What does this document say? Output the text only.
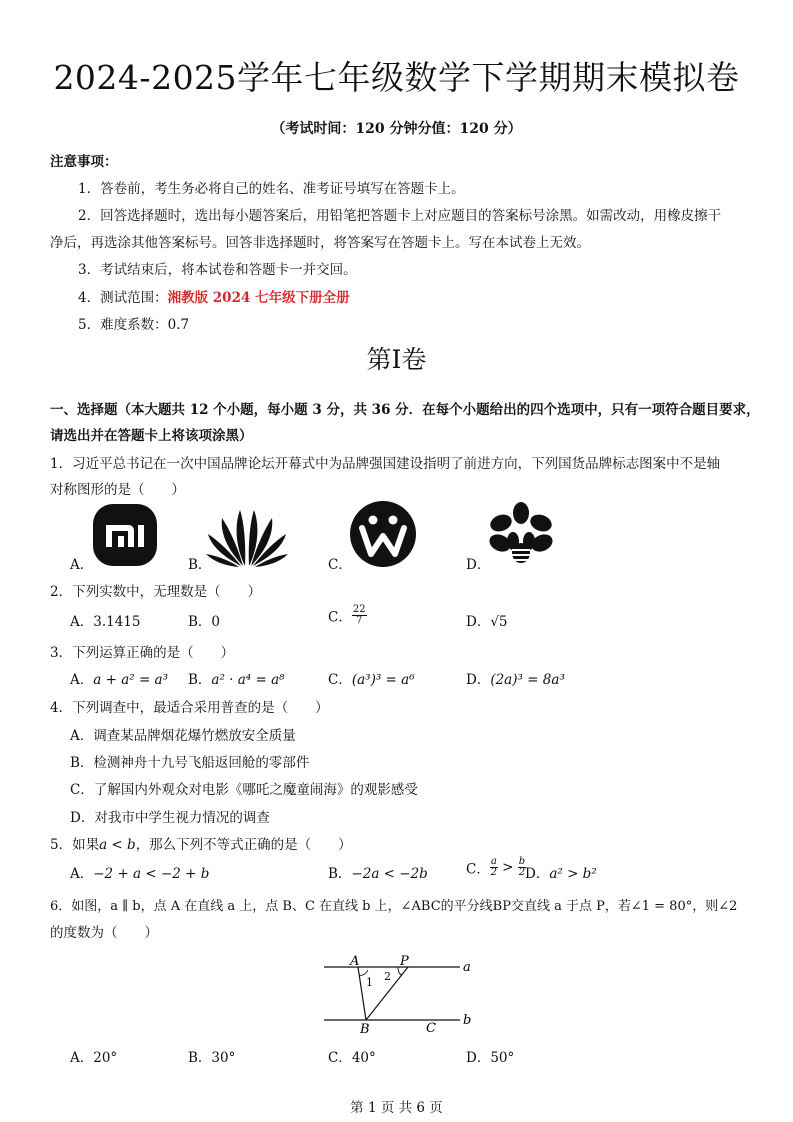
2024-2025学年七年级数学下学期期末模拟卷
（考试时间：120 分钟分值：120 分）
注意事项：
1．答卷前，考生务必将自己的姓名、准考证号填写在答题卡上。
2．回答选择题时，选出每小题答案后，用铅笔把答题卡上对应题目的答案标号涂黑。如需改动，用橡皮擦干
净后，再选涂其他答案标号。回答非选择题时，将答案写在答题卡上。写在本试卷上无效。
3．考试结束后，将本试卷和答题卡一并交回。
4．测试范围：湘教版 2024 七年级下册全册
5．难度系数：0.7
第Ⅰ卷
一、选择题（本大题共 12 个小题，每小题 3 分，共 36 分．在每个小题给出的四个选项中，只有一项符合题目要求，
请选出并在答题卡上将该项涂黑）
1．习近平总书记在一次中国品牌论坛开幕式中为品牌强国建设指明了前进方向，下列国货品牌标志图案中不是轴
对称图形的是（　　）
A．	B．	C．	D．
2．下列实数中，无理数是（　　）
A．3.1415	B．0	C． $\frac{22}{7}$	D．√5
3．下列运算正确的是（　　）
A．a + a² = a³ B．a² · a⁴ = a⁸	C．(a³)³ = a⁶	D．(2a)³ = 8a³
4．下列调查中，最适合采用普查的是（　　）
A．调查某品牌烟花爆竹燃放安全质量
B．检测神舟十九号飞船返回舱的零部件
C．了解国内外观众对电影《哪吒之魔童闹海》的观影感受
D．对我市中学生视力情况的调查
5．如果a < b，那么下列不等式正确的是（　　）
A．−2 + a < −2 + b	B．−2a < −2b	C． $\frac{a}{2} > \frac{b}{2}$
D．a² > b²
6．如图，a ∥ b，点 A 在直线 a 上，点 B、C 在直线 b 上，∠ABC的平分线BP交直线 a 于点 P，若∠1 = 80°，则∠2
的度数为（　　）
A	P	a
b
B	C
1 2
A．20°	B．30°	C．40°	D．50°
第 1 页 共 6 页
